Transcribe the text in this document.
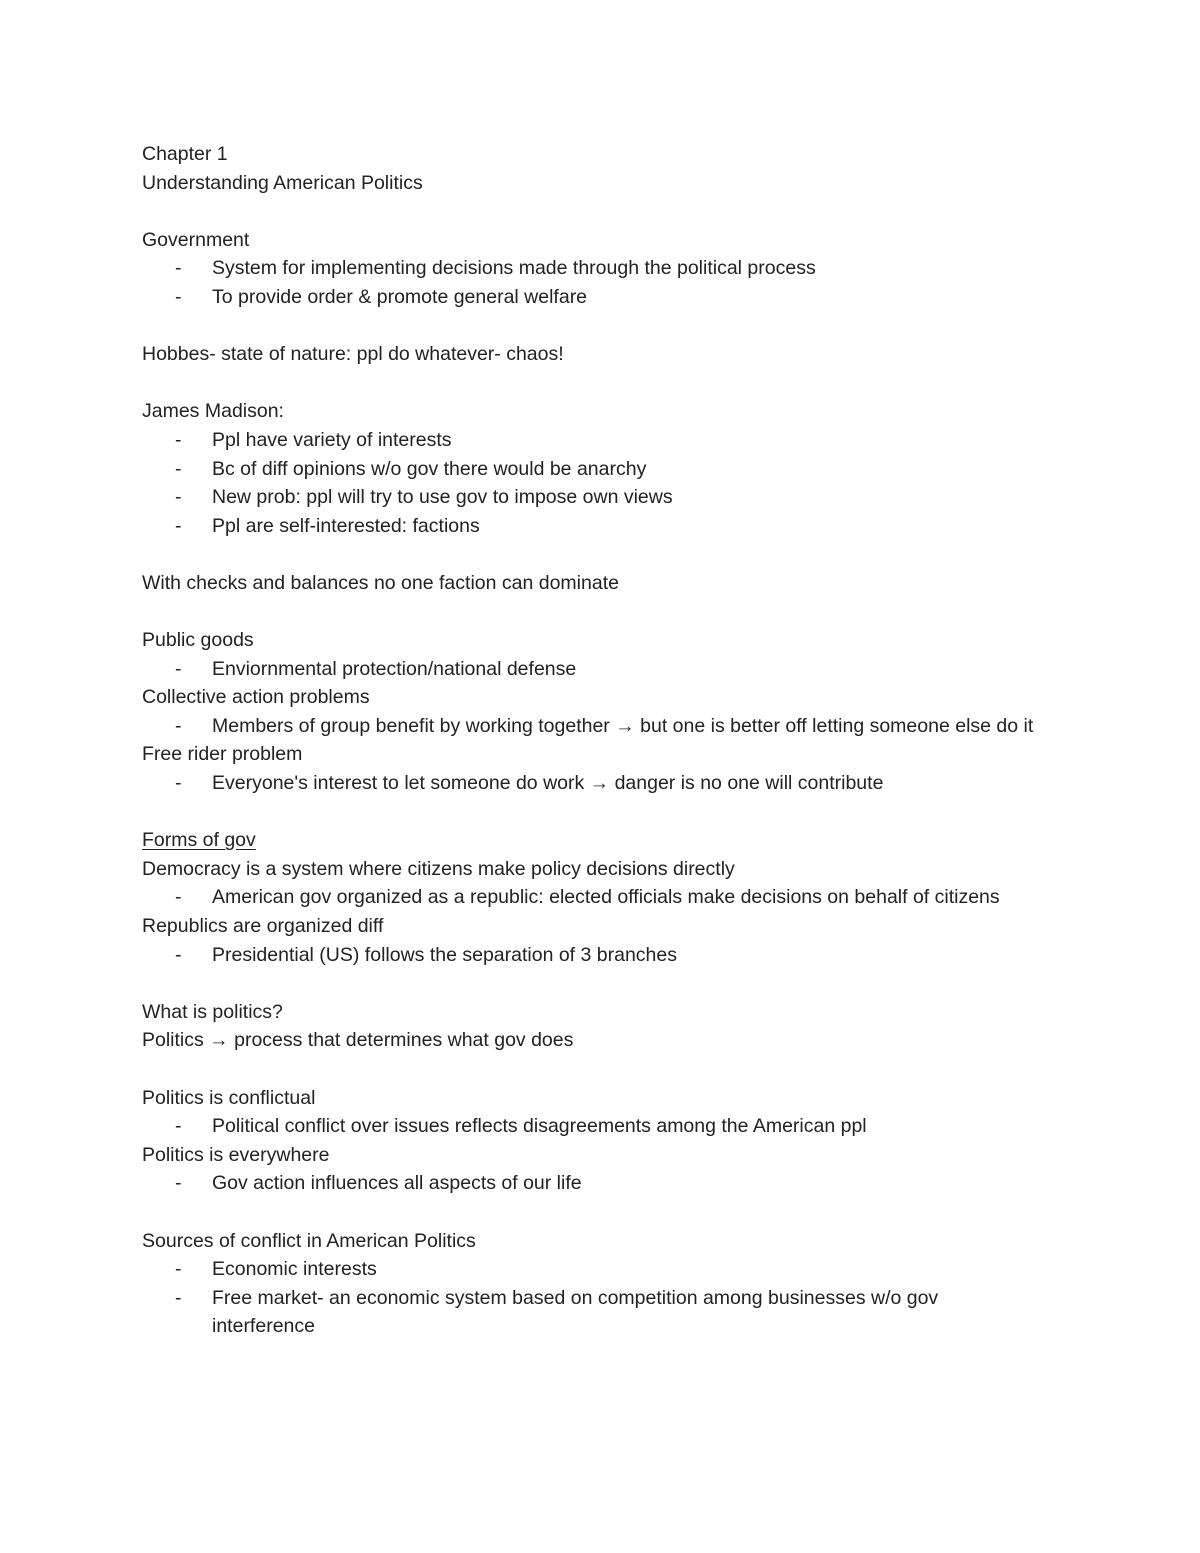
Chapter 1

Understanding American Politics

Government

- System for implementing decisions made through the political process
- To provide order & promote general welfare

Hobbes- state of nature: ppl do whatever- chaos!

James Madison:

- Ppl have variety of interests
- Bc of diff opinions w/o gov there would be anarchy
- New prob: ppl will try to use gov to impose own views
- Ppl are self-interested: factions

With checks and balances no one faction can dominate

Public goods

- Enviornmental protection/national defense

Collective action problems

- Members of group benefit by working together → but one is better off letting someone else do it

Free rider problem

- Everyone's interest to let someone do work → danger is no one will contribute

Forms of gov

Democracy is a system where citizens make policy decisions directly

- American gov organized as a republic: elected officials make decisions on behalf of citizens

Republics are organized diff

- Presidential (US) follows the separation of 3 branches

What is politics?

Politics → process that determines what gov does

Politics is conflictual

- Political conflict over issues reflects disagreements among the American ppl

Politics is everywhere

- Gov action influences all aspects of our life

Sources of conflict in American Politics

- Economic interests
- Free market- an economic system based on competition among businesses w/o gov interference
